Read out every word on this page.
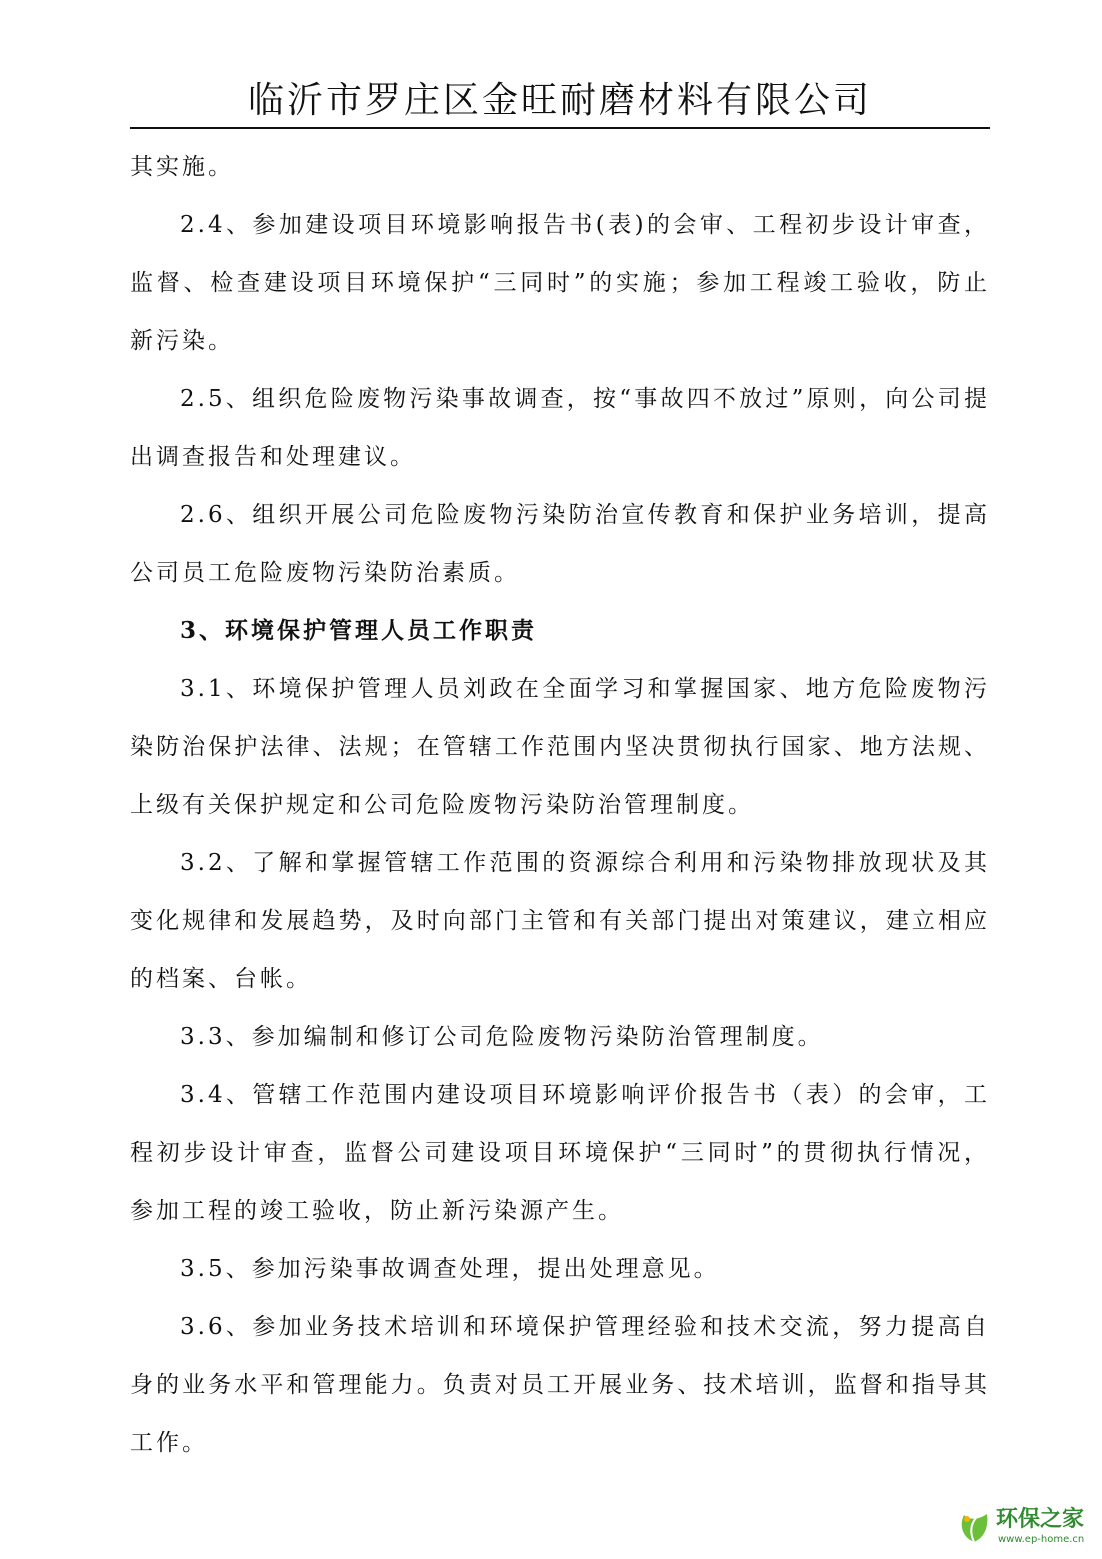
临沂市罗庄区金旺耐磨材料有限公司

其实施。

2.4、参加建设项目环境影响报告书(表)的会审、工程初步设计审查，监督、检查建设项目环境保护“三同时”的实施；参加工程竣工验收，防止新污染。

2.5、组织危险废物污染事故调查，按“事故四不放过”原则，向公司提出调查报告和处理建议。

2.6、组织开展公司危险废物污染防治宣传教育和保护业务培训，提高公司员工危险废物污染防治素质。

3、环境保护管理人员工作职责

3.1、环境保护管理人员刘政在全面学习和掌握国家、地方危险废物污染防治保护法律、法规；在管辖工作范围内坚决贯彻执行国家、地方法规、上级有关保护规定和公司危险废物污染防治管理制度。

3.2、了解和掌握管辖工作范围的资源综合利用和污染物排放现状及其变化规律和发展趋势，及时向部门主管和有关部门提出对策建议，建立相应的档案、台帐。

3.3、参加编制和修订公司危险废物污染防治管理制度。

3.4、管辖工作范围内建设项目环境影响评价报告书（表）的会审，工程初步设计审查，监督公司建设项目环境保护“三同时”的贯彻执行情况，参加工程的竣工验收，防止新污染源产生。

3.5、参加污染事故调查处理，提出处理意见。

3.6、参加业务技术培训和环境保护管理经验和技术交流，努力提高自身的业务水平和管理能力。负责对员工开展业务、技术培训，监督和指导其工作。

环保之家
www.ep-home.cn
